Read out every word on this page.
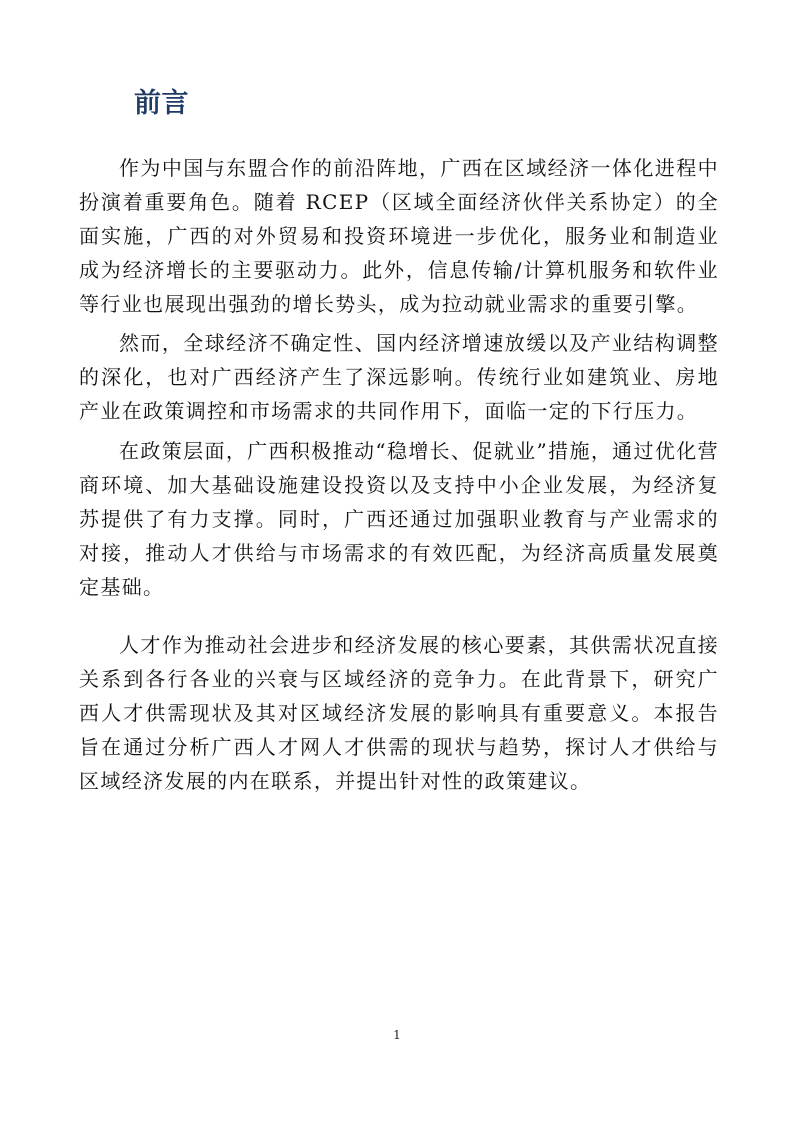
前言

作为中国与东盟合作的前沿阵地，广西在区域经济一体化进程中扮演着重要角色。随着 RCEP（区域全面经济伙伴关系协定）的全面实施，广西的对外贸易和投资环境进一步优化，服务业和制造业成为经济增长的主要驱动力。此外，信息传输/计算机服务和软件业等行业也展现出强劲的增长势头，成为拉动就业需求的重要引擎。

然而，全球经济不确定性、国内经济增速放缓以及产业结构调整的深化，也对广西经济产生了深远影响。传统行业如建筑业、房地产业在政策调控和市场需求的共同作用下，面临一定的下行压力。

在政策层面，广西积极推动“稳增长、促就业”措施，通过优化营商环境、加大基础设施建设投资以及支持中小企业发展，为经济复苏提供了有力支撑。同时，广西还通过加强职业教育与产业需求的对接，推动人才供给与市场需求的有效匹配，为经济高质量发展奠定基础。

人才作为推动社会进步和经济发展的核心要素，其供需状况直接关系到各行各业的兴衰与区域经济的竞争力。在此背景下，研究广西人才供需现状及其对区域经济发展的影响具有重要意义。本报告旨在通过分析广西人才网人才供需的现状与趋势，探讨人才供给与区域经济发展的内在联系，并提出针对性的政策建议。

1
